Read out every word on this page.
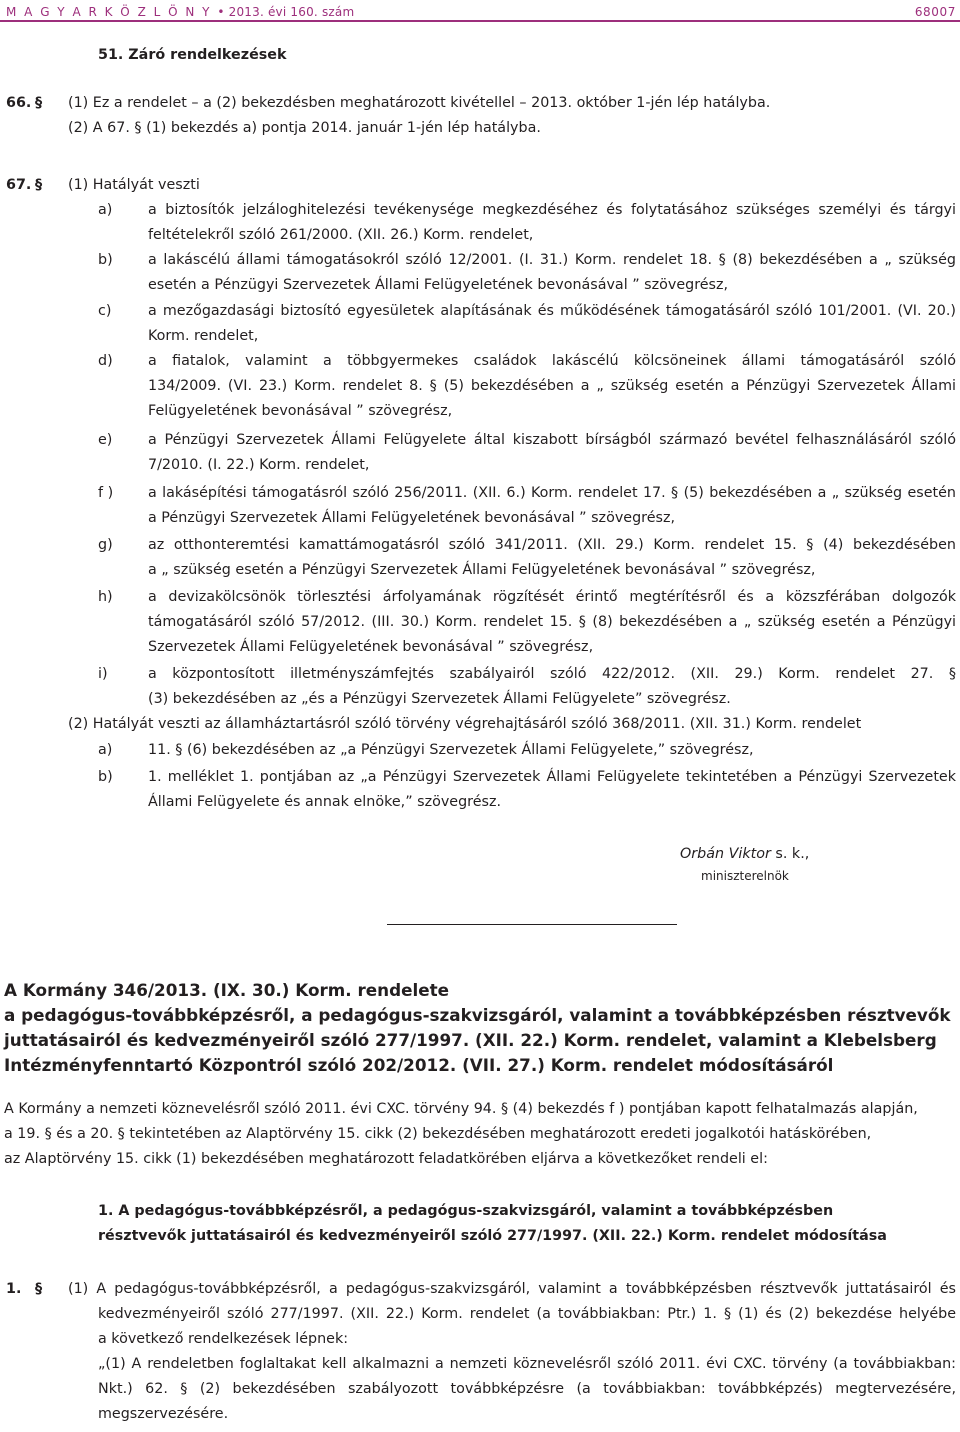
M A G Y A R K Ö Z L Ö N Y • 2013. évi 160. szám	68007
51. Záró rendelkezések
66. § (1) Ez a rendelet – a (2) bekezdésben meghatározott kivétellel – 2013. október 1-jén lép hatályba.
(2) A 67. § (1) bekezdés a) pontja 2014. január 1-jén lép hatályba.
67. § (1) Hatályát veszti
a) a biztosítók jelzáloghitelezési tevékenysége megkezdéséhez és folytatásához szükséges személyi és tárgyi
feltételekről szóló 261/2000. (XII. 26.) Korm. rendelet,
b) a lakáscélú állami támogatásokról szóló 12/2001. (I. 31.) Korm. rendelet 18. § (8) bekezdésében a „ szükség
esetén a Pénzügyi Szervezetek Állami Felügyeletének bevonásával ” szövegrész,
c)	a mezőgazdasági biztosító egyesületek alapításának és működésének támogatásáról szóló 101/2001. (VI. 20.)
Korm. rendelet,
d) a fiatalok, valamint a többgyermekes családok lakáscélú kölcsöneinek állami támogatásáról szóló
134/2009. (VI. 23.) Korm. rendelet 8. § (5) bekezdésében a „ szükség esetén a Pénzügyi Szervezetek Állami
Felügyeletének bevonásával ” szövegrész,
e) a Pénzügyi Szervezetek Állami Felügyelete által kiszabott bírságból származó bevétel felhasználásáról szóló
7/2010. (I. 22.) Korm. rendelet,
f ) a lakásépítési támogatásról szóló 256/2011. (XII. 6.) Korm. rendelet 17. § (5) bekezdésében a „ szükség esetén
a Pénzügyi Szervezetek Állami Felügyeletének bevonásával ” szövegrész,
g) az otthonteremtési kamattámogatásról szóló 341/2011. (XII. 29.) Korm. rendelet 15. § (4) bekezdésében
a „ szükség esetén a Pénzügyi Szervezetek Állami Felügyeletének bevonásával ” szövegrész,
h) a devizakölcsönök törlesztési árfolyamának rögzítését érintő megtérítésről és a közszférában dolgozók
támogatásáról szóló 57/2012. (III. 30.) Korm. rendelet 15. § (8) bekezdésében a „ szükség esetén a Pénzügyi
Szervezetek Állami Felügyeletének bevonásával ” szövegrész,
i)	a központosított illetményszámfejtés szabályairól szóló 422/2012. (XII. 29.) Korm. rendelet 27. §
(3) bekezdésében az „és a Pénzügyi Szervezetek Állami Felügyelete” szövegrész.
(2) Hatályát veszti az államháztartásról szóló törvény végrehajtásáról szóló 368/2011. (XII. 31.) Korm. rendelet
a) 11. § (6) bekezdésében az „a Pénzügyi Szervezetek Állami Felügyelete,” szövegrész,
b) 1. melléklet 1. pontjában az „a Pénzügyi Szervezetek Állami Felügyelete tekintetében a Pénzügyi Szervezetek
Állami Felügyelete és annak elnöke,” szövegrész.
Orbán Viktor s. k.,
miniszterelnök
A Kormány 346/2013. (IX. 30.) Korm. rendelete
a pedagógus-továbbképzésről, a pedagógus-szakvizsgáról, valamint a továbbképzésben résztvevők
juttatásairól és kedvezményeiről szóló 277/1997. (XII. 22.) Korm. rendelet, valamint a Klebelsberg
Intézményfenntartó Központról szóló 202/2012. (VII. 27.) Korm. rendelet módosításáról
A Kormány a nemzeti köznevelésről szóló 2011. évi CXC. törvény 94. § (4) bekezdés f ) pontjában kapott felhatalmazás alapján,
a 19. § és a 20. § tekintetében az Alaptörvény 15. cikk (2) bekezdésében meghatározott eredeti jogalkotói hatáskörében,
az Alaptörvény 15. cikk (1) bekezdésében meghatározott feladatkörében eljárva a következőket rendeli el:
1. A pedagógus-továbbképzésről, a pedagógus-szakvizsgáról, valamint a továbbképzésben
résztvevők juttatásairól és kedvezményeiről szóló 277/1997. (XII. 22.) Korm. rendelet módosítása
1. § (1) A pedagógus-továbbképzésről, a pedagógus-szakvizsgáról, valamint a továbbképzésben résztvevők juttatásairól és
kedvezményeiről szóló 277/1997. (XII. 22.) Korm. rendelet (a továbbiakban: Ptr.) 1. § (1) és (2) bekezdése helyébe
a következő rendelkezések lépnek:
„(1) A rendeletben foglaltakat kell alkalmazni a nemzeti köznevelésről szóló 2011. évi CXC. törvény (a továbbiakban:
Nkt.) 62. § (2) bekezdésében szabályozott továbbképzésre (a továbbiakban: továbbképzés) megtervezésére,
megszervezésére.
